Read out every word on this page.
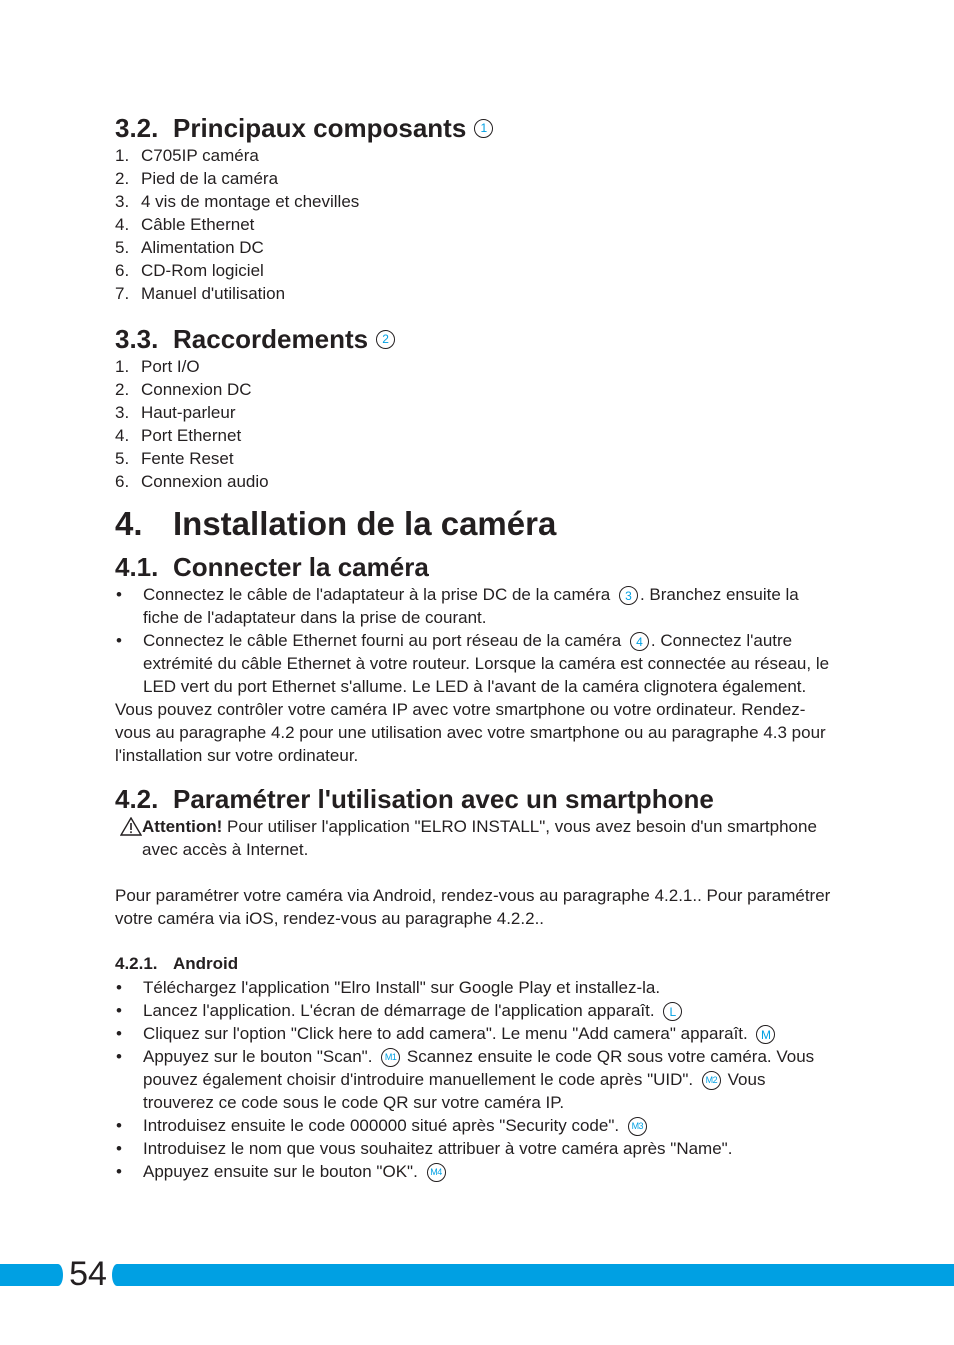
3.2. Principaux composants	1
1. C705IP caméra
2. Pied de la caméra
3. 4 vis de montage et chevilles
4. Câble Ethernet
5. Alimentation DC
6. CD-Rom logiciel
7. Manuel d'utilisation
3.3. Raccordements	2
1. Port I/O
2. Connexion DC
3. Haut-parleur
4. Port Ethernet
5. Fente Reset
6. Connexion audio
4. Installation de la caméra
4.1. Connecter la caméra
•	Connectez le câble de l'adaptateur à la prise DC de la caméra 3 . Branchez ensuite la fiche de l'adaptateur dans la prise de courant.
•	Connectez le câble Ethernet fourni au port réseau de la caméra 4 . Connectez l'autre extrémité du câble Ethernet à votre routeur. Lorsque la caméra est connectée au réseau, le LED vert du port Ethernet s'allume. Le LED à l'avant de la caméra clignotera également.

Vous pouvez contrôler votre caméra IP avec votre smartphone ou votre ordinateur. Rendez-vous au paragraphe 4.2 pour une utilisation avec votre smartphone ou au paragraphe 4.3 pour l'installation sur votre ordinateur.

4.2. Paramétrer l'utilisation avec un smartphone
Attention! Pour utiliser l'application "ELRO INSTALL", vous avez besoin d'un smartphone avec accès à Internet.

Pour paramétrer votre caméra via Android, rendez-vous au paragraphe 4.2.1.. Pour paramétrer votre caméra via iOS, rendez-vous au paragraphe 4.2.2..

4.2.1. Android
•	Téléchargez l'application "Elro Install" sur Google Play et installez-la.
•	Lancez l'application. L'écran de démarrage de l'application apparaît. L
•	Cliquez sur l'option "Click here to add camera". Le menu "Add camera" apparaît. M
•	Appuyez sur le bouton "Scan". M1 Scannez ensuite le code QR sous votre caméra. Vous pouvez également choisir d'introduire manuellement le code après "UID". M2 Vous trouverez ce code sous le code QR sur votre caméra IP.
•	Introduisez ensuite le code 000000 situé après "Security code". M3
•	Introduisez le nom que vous souhaitez attribuer à votre caméra après "Name".
•	Appuyez ensuite sur le bouton "OK". M4
54
